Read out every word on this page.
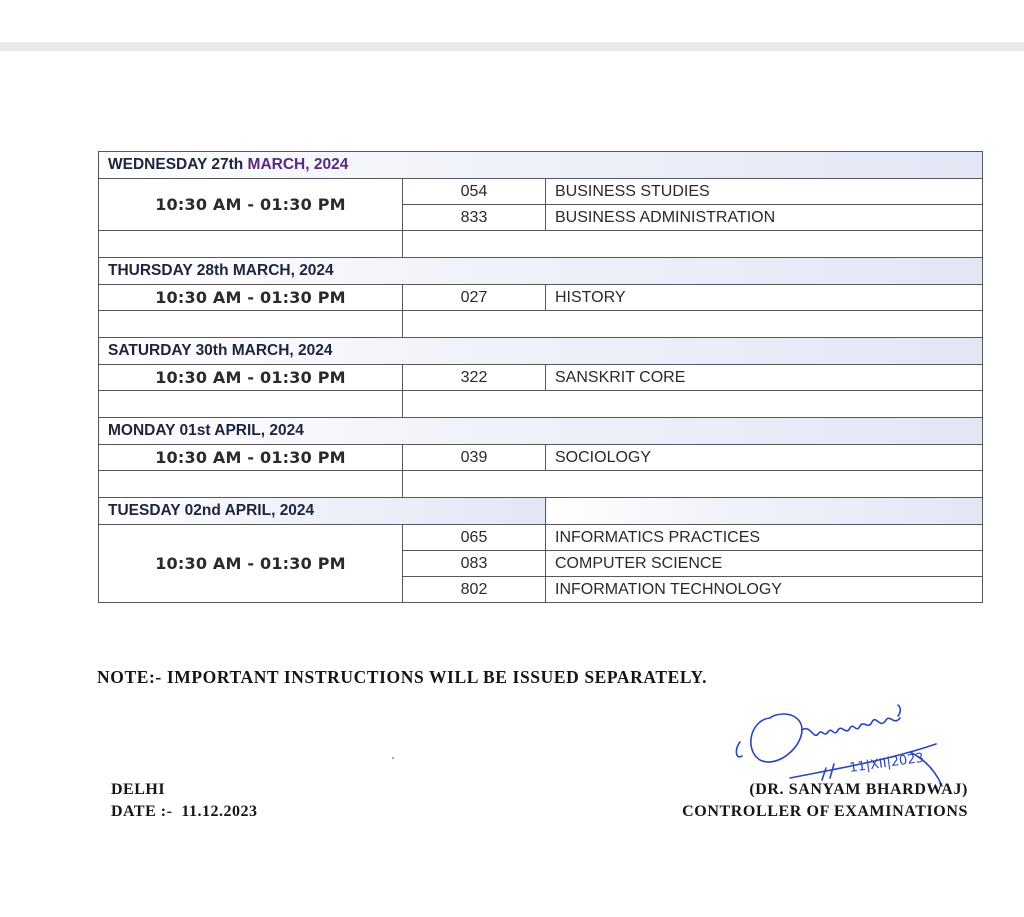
WEDNESDAY 27th MARCH, 2024		
10:30 AM - 01:30 PM	054	BUSINESS STUDIES
	833	BUSINESS ADMINISTRATION

THURSDAY 28th MARCH, 2024		
10:30 AM - 01:30 PM	027	HISTORY

SATURDAY 30th MARCH, 2024		
10:30 AM - 01:30 PM	322	SANSKRIT CORE

MONDAY 01st APRIL, 2024		
10:30 AM - 01:30 PM	039	SOCIOLOGY

TUESDAY 02nd APRIL, 2024		
10:30 AM - 01:30 PM	065	INFORMATICS PRACTICES
	083	COMPUTER SCIENCE
	802	INFORMATION TECHNOLOGY
NOTE:- IMPORTANT INSTRUCTIONS WILL BE ISSUED SEPARATELY.
11|XII|2023
DELHI
DATE :-  11.12.2023
(DR. SANYAM BHARDWAJ)
CONTROLLER OF EXAMINATIONS
